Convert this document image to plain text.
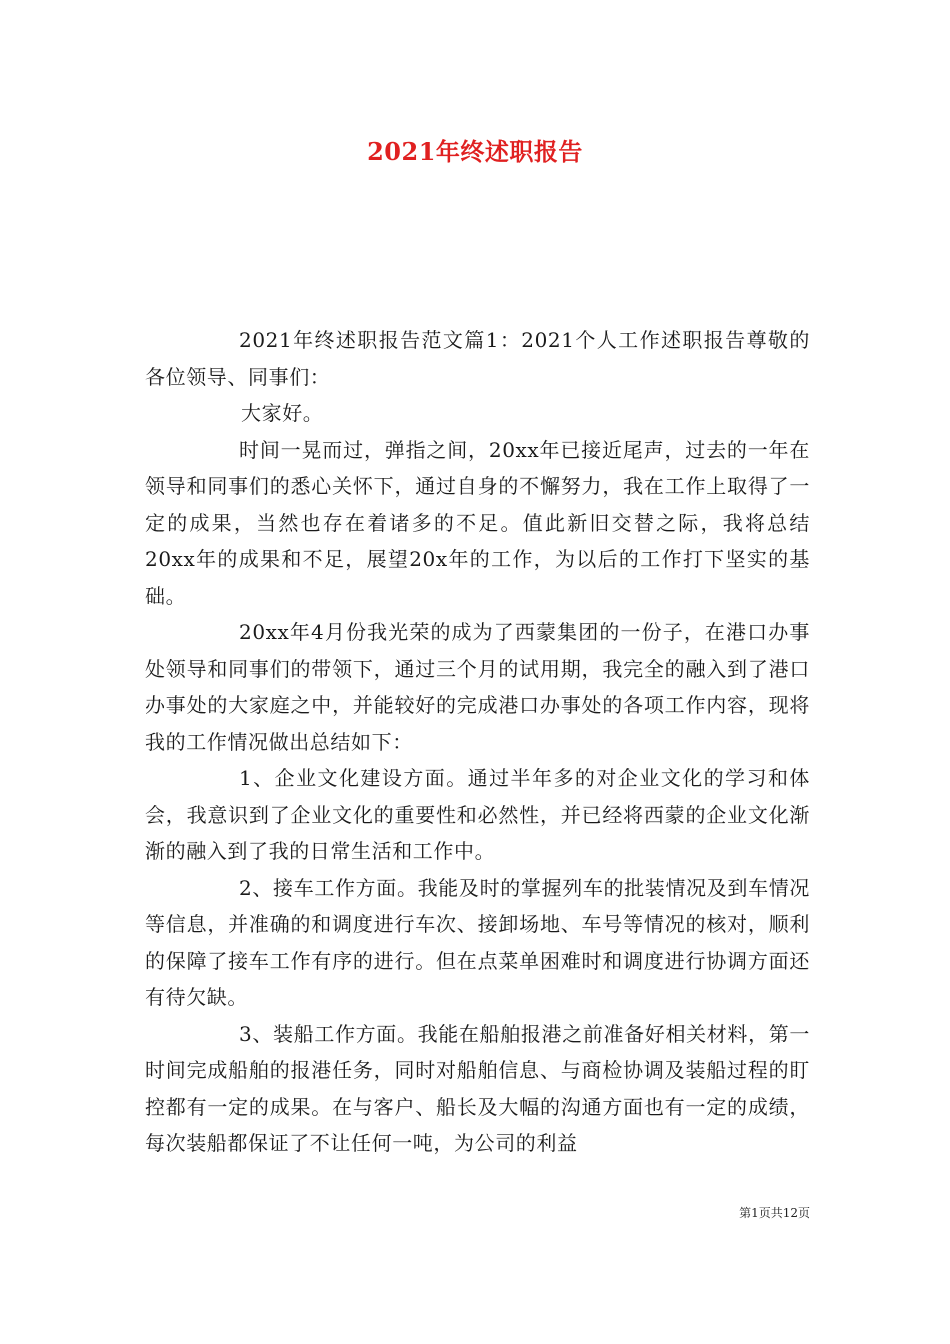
2021年终述职报告

2021年终述职报告范文篇1：2021个人工作述职报告尊敬的各位领导、同事们：

大家好。

时间一晃而过，弹指之间，20xx年已接近尾声，过去的一年在领导和同事们的悉心关怀下，通过自身的不懈努力，我在工作上取得了一定的成果，当然也存在着诸多的不足。值此新旧交替之际，我将总结20xx年的成果和不足，展望20x年的工作，为以后的工作打下坚实的基础。

20xx年4月份我光荣的成为了西蒙集团的一份子，在港口办事处领导和同事们的带领下，通过三个月的试用期，我完全的融入到了港口办事处的大家庭之中，并能较好的完成港口办事处的各项工作内容，现将我的工作情况做出总结如下：

1、企业文化建设方面。通过半年多的对企业文化的学习和体会，我意识到了企业文化的重要性和必然性，并已经将西蒙的企业文化渐渐的融入到了我的日常生活和工作中。

2、接车工作方面。我能及时的掌握列车的批装情况及到车情况等信息，并准确的和调度进行车次、接卸场地、车号等情况的核对，顺利的保障了接车工作有序的进行。但在点菜单困难时和调度进行协调方面还有待欠缺。

3、装船工作方面。我能在船舶报港之前准备好相关材料，第一时间完成船舶的报港任务，同时对船舶信息、与商检协调及装船过程的盯控都有一定的成果。在与客户、船长及大幅的沟通方面也有一定的成绩，每次装船都保证了不让任何一吨，为公司的利益

第1页共12页
